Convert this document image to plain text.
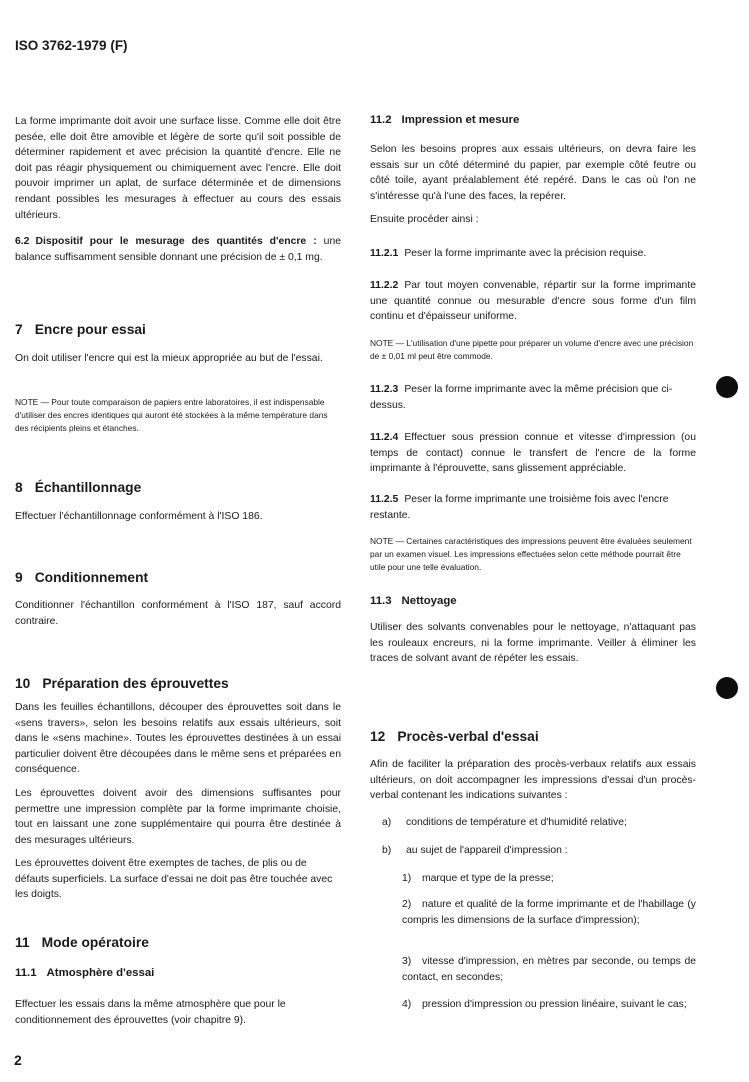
ISO 3762-1979 (F)

La forme imprimante doit avoir une surface lisse. Comme elle doit être pesée, elle doit être amovible et légère de sorte qu'il soit possible de déterminer rapidement et avec précision la quantité d'encre. Elle ne doit pas réagir physiquement ou chimiquement avec l'encre. Elle doit pouvoir imprimer un aplat, de surface déterminée et de dimensions rendant possibles les mesurages à effectuer au cours des essais ultérieurs.

6.2 Dispositif pour le mesurage des quantités d'encre : une balance suffisamment sensible donnant une précision de ± 0,1 mg.

7 Encre pour essai

On doit utiliser l'encre qui est la mieux appropriée au but de l'essai.

NOTE — Pour toute comparaison de papiers entre laboratoires, il est indispensable d'utiliser des encres identiques qui auront été stockées à la même température dans des récipients pleins et étanches.

8 Échantillonnage

Effectuer l'échantillonnage conformément à l'ISO 186.

9 Conditionnement

Conditionner l'échantillon conformément à l'ISO 187, sauf accord contraire.

10 Préparation des éprouvettes

Dans les feuilles échantillons, découper des éprouvettes soit dans le «sens travers», selon les besoins relatifs aux essais ultérieurs, soit dans le «sens machine». Toutes les éprouvettes destinées à un essai particulier doivent être découpées dans le même sens et préparées en conséquence.

Les éprouvettes doivent avoir des dimensions suffisantes pour permettre une impression complète par la forme imprimante choisie, tout en laissant une zone supplémentaire qui pourra être destinée à des mesurages ultérieurs.

Les éprouvettes doivent être exemptes de taches, de plis ou de défauts superficiels. La surface d'essai ne doit pas être touchée avec les doigts.

11 Mode opératoire
11.1 Atmosphère d'essai

Effectuer les essais dans la même atmosphère que pour le conditionnement des éprouvettes (voir chapitre 9).

11.2 Impression et mesure

Selon les besoins propres aux essais ultérieurs, on devra faire les essais sur un côté déterminé du papier, par exemple côté feutre ou côté toile, ayant préalablement été repéré. Dans le cas où l'on ne s'intéresse qu'à l'une des faces, la repérer.

Ensuite procéder ainsi :

11.2.1 Peser la forme imprimante avec la précision requise.

11.2.2 Par tout moyen convenable, répartir sur la forme imprimante une quantité connue ou mesurable d'encre sous forme d'un film continu et d'épaisseur uniforme.

NOTE — L'utilisation d'une pipette pour préparer un volume d'encre avec une précision de ± 0,01 ml peut être commode.

11.2.3 Peser la forme imprimante avec la même précision que ci-dessus.

11.2.4 Effectuer sous pression connue et vitesse d'impression (ou temps de contact) connue le transfert de l'encre de la forme imprimante à l'éprouvette, sans glissement appréciable.

11.2.5 Peser la forme imprimante une troisième fois avec l'encre restante.

NOTE — Certaines caractéristiques des impressions peuvent être évaluées seulement par un examen visuel. Les impressions effectuées selon cette méthode pourrait être utile pour une telle évaluation.

11.3 Nettoyage

Utiliser des solvants convenables pour le nettoyage, n'attaquant pas les rouleaux encreurs, ni la forme imprimante. Veiller à éliminer les traces de solvant avant de répéter les essais.

12 Procès-verbal d'essai

Afin de faciliter la préparation des procès-verbaux relatifs aux essais ultérieurs, on doit accompagner les impressions d'essai d'un procès-verbal contenant les indications suivantes :

a) conditions de température et d'humidité relative;

b) au sujet de l'appareil d'impression :

1) marque et type de la presse;

2) nature et qualité de la forme imprimante et de l'habillage (y compris les dimensions de la surface d'impression);

3) vitesse d'impression, en mètres par seconde, ou temps de contact, en secondes;

4) pression d'impression ou pression linéaire, suivant le cas;

2
